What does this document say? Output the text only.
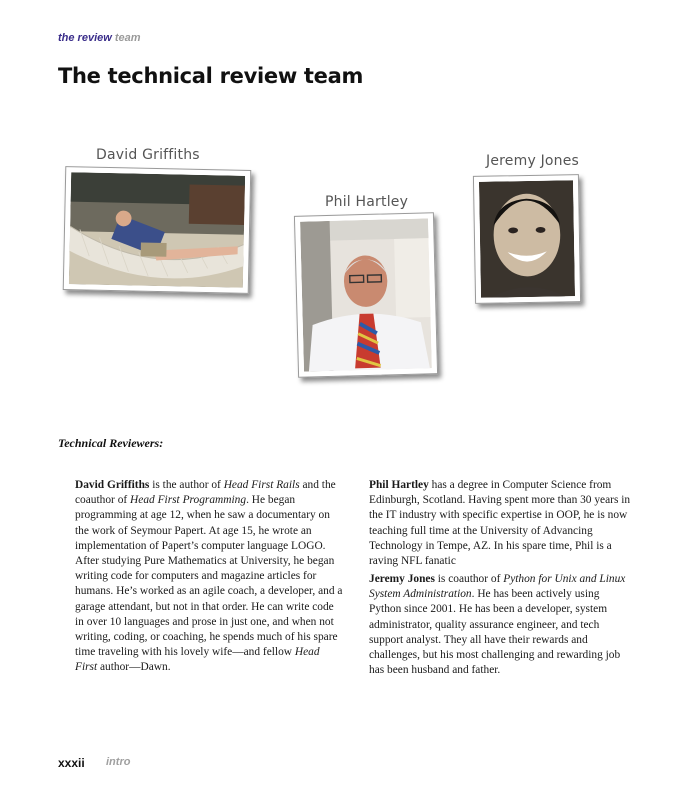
the review team
The technical review team
David Griffiths
Phil Hartley
Jeremy Jones
Technical Reviewers:

David Griffiths is the author of Head First Rails and the coauthor of Head First Programming. He began programming at age 12, when he saw a documentary on the work of Seymour Papert. At age 15, he wrote an implementation of Papert’s computer language LOGO. After studying Pure Mathematics at University, he began writing code for computers and magazine articles for humans. He’s worked as an agile coach, a developer, and a garage attendant, but not in that order. He can write code in over 10 languages and prose in just one, and when not writing, coding, or coaching, he spends much of his spare time traveling with his lovely wife—and fellow Head First author—Dawn.

Phil Hartley has a degree in Computer Science from Edinburgh, Scotland. Having spent more than 30 years in the IT industry with specific expertise in OOP, he is now teaching full time at the University of Advancing Technology in Tempe, AZ. In his spare time, Phil is a raving NFL fanatic

Jeremy Jones is coauthor of Python for Unix and Linux System Administration. He has been actively using Python since 2001. He has been a developer, system administrator, quality assurance engineer, and tech support analyst. They all have their rewards and challenges, but his most challenging and rewarding job has been husband and father.

xxxii intro
